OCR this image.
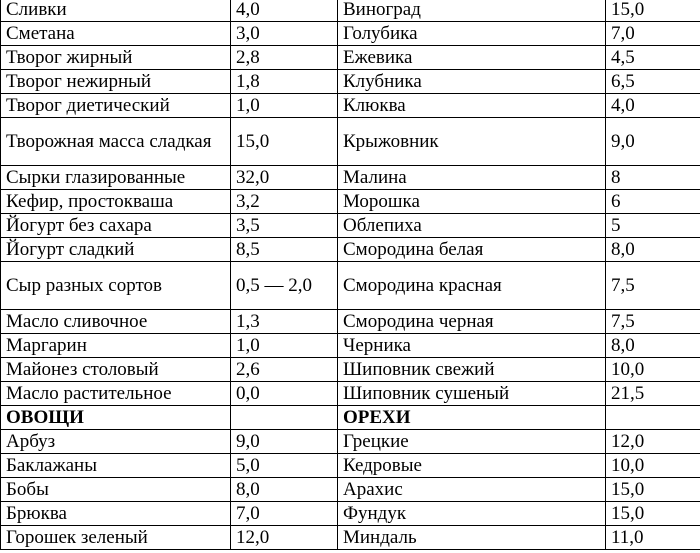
Сливки	4,0	Виноград	15,0
Сметана	3,0	Голубика	7,0
Творог жирный	2,8	Ежевика	4,5
Творог нежирный	1,8	Клубника	6,5
Творог диетический	1,0	Клюква	4,0
Творожная масса сладкая	15,0	Крыжовник	9,0
Сырки глазированные	32,0	Малина	8
Кефир, простокваша	3,2	Морошка	6
Йогурт без сахара	3,5	Облепиха	5
Йогурт сладкий	8,5	Смородина белая	8,0
Сыр разных сортов	0,5 — 2,0	Смородина красная	7,5
Масло сливочное	1,3	Смородина черная	7,5
Маргарин	1,0	Черника	8,0
Майонез столовый	2,6	Шиповник свежий	10,0
Масло растительное	0,0	Шиповник сушеный	21,5
ОВОЩИ		ОРЕХИ	
Арбуз	9,0	Грецкие	12,0
Баклажаны	5,0	Кедровые	10,0
Бобы	8,0	Арахис	15,0
Брюква	7,0	Фундук	15,0
Горошек зеленый	12,0	Миндаль	11,0
